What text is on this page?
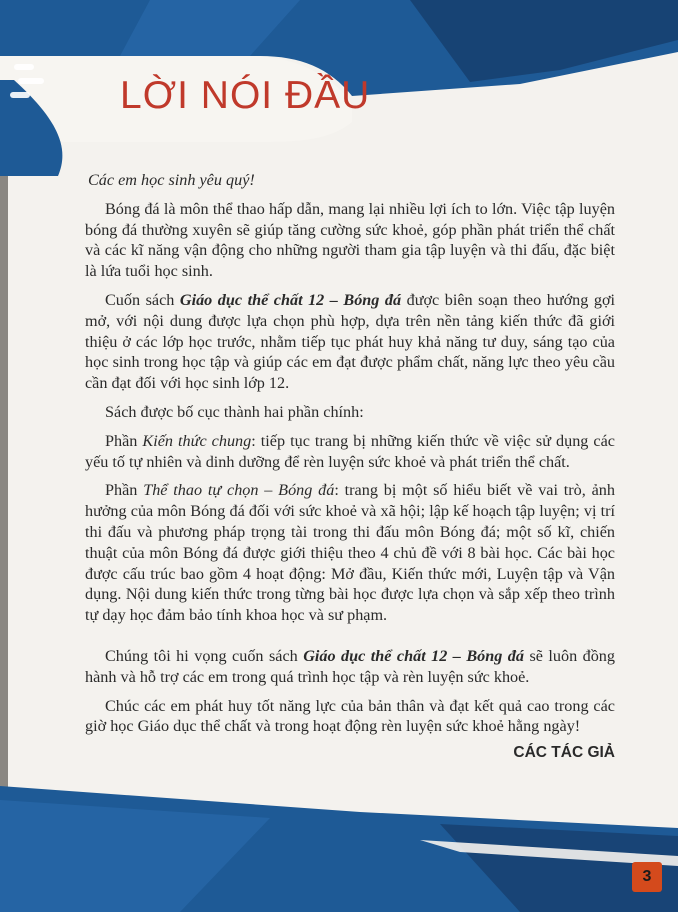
LỜI NÓI ĐẦU

Các em học sinh yêu quý!

Bóng đá là môn thể thao hấp dẫn, mang lại nhiều lợi ích to lớn. Việc tập luyện bóng đá thường xuyên sẽ giúp tăng cường sức khoẻ, góp phần phát triển thể chất và các kĩ năng vận động cho những người tham gia tập luyện và thi đấu, đặc biệt là lứa tuổi học sinh.

Cuốn sách Giáo dục thể chất 12 – Bóng đá được biên soạn theo hướng gợi mở, với nội dung được lựa chọn phù hợp, dựa trên nền tảng kiến thức đã giới thiệu ở các lớp học trước, nhằm tiếp tục phát huy khả năng tư duy, sáng tạo của học sinh trong học tập và giúp các em đạt được phẩm chất, năng lực theo yêu cầu cần đạt đối với học sinh lớp 12.

Sách được bố cục thành hai phần chính:

Phần Kiến thức chung: tiếp tục trang bị những kiến thức về việc sử dụng các yếu tố tự nhiên và dinh dưỡng để rèn luyện sức khoẻ và phát triển thể chất.

Phần Thể thao tự chọn – Bóng đá: trang bị một số hiểu biết về vai trò, ảnh hưởng của môn Bóng đá đối với sức khoẻ và xã hội; lập kế hoạch tập luyện; vị trí thi đấu và phương pháp trọng tài trong thi đấu môn Bóng đá; một số kĩ, chiến thuật của môn Bóng đá được giới thiệu theo 4 chủ đề với 8 bài học. Các bài học được cấu trúc bao gồm 4 hoạt động: Mở đầu, Kiến thức mới, Luyện tập và Vận dụng. Nội dung kiến thức trong từng bài học được lựa chọn và sắp xếp theo trình tự dạy học đảm bảo tính khoa học và sư phạm.

Chúng tôi hi vọng cuốn sách Giáo dục thể chất 12 – Bóng đá sẽ luôn đồng hành và hỗ trợ các em trong quá trình học tập và rèn luyện sức khoẻ.

Chúc các em phát huy tốt năng lực của bản thân và đạt kết quả cao trong các giờ học Giáo dục thể chất và trong hoạt động rèn luyện sức khoẻ hằng ngày!

CÁC TÁC GIẢ

3
